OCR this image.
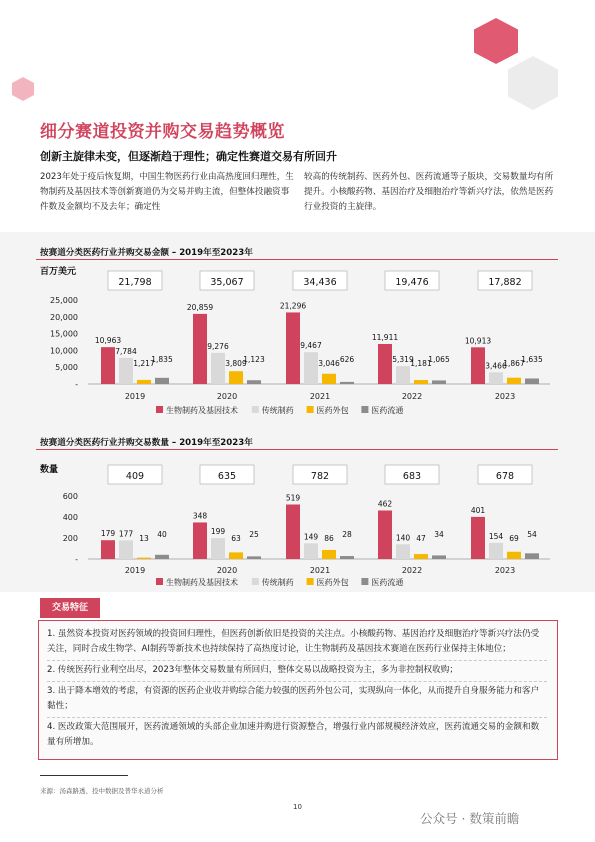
细分赛道投资并购交易趋势概览
创新主旋律未变，但逐渐趋于理性；确定性赛道交易有所回升
2023年处于疫后恢复期，中国生物医药行业由高热度回归理性，生物制药及基因技术等创新赛道仍为交易并购主流，但整体投融资事件数及金额均不及去年；确定性
较高的传统制药、医药外包、医药流通等子版块，交易数量均有所提升。小核酸药物、基因治疗及细胞治疗等新兴疗法，依然是医药行业投资的主旋律。
按赛道分类医药行业并购交易金额 – 2019年至2023年
百万美元
25,000
20,000
15,000
10,000
5,000
-
21,798
10,963
7,784
1,217
1,835
2019
35,067
20,859
9,276
3,809
1,123
2020
34,436
21,296
9,467
3,046 626
2021
19,476
11,911
5,319
1,181
1,065
2022
17,882
10,913
3,466
1,867
1,635
2023
生物制药及基因技术	传统制药	医药外包	医药流通
按赛道分类医药行业并购交易数量 – 2019年至2023年
数量
600
400
200
-
409
179 177
13 40
2019
635
348
199
63 25
2020
782
519
149 86 28
2021
683
462
140 47 34
2022
678
401
154 69 54
2023
生物制药及基因技术	传统制药	医药外包	医药流通
交易特征
1. 虽然资本投资对医药领域的投资回归理性，但医药创新依旧是投资的关注点。小核酸药物、基因治疗及细胞治疗等新兴疗法仍受关注，同时合成生物学、AI制药等新技术也持续保持了高热度讨论，让生物制药及基因技术赛道在医药行业保持主体地位；
2. 传统医药行业利空出尽，2023年整体交易数量有所回归，整体交易以战略投资为主，多为非控制权收购；
3. 出于降本增效的考虑，有资源的医药企业收并购综合能力较强的医药外包公司，实现纵向一体化，从而提升自身服务能力和客户黏性；
4. 医改政策大范围展开，医药流通领域的头部企业加速并购进行资源整合，增强行业内部规模经济效应，医药流通交易的金额和数量有所增加。
来源：汤森路透、投中数据及普华永道分析
10
公众号 · 数策前瞻
